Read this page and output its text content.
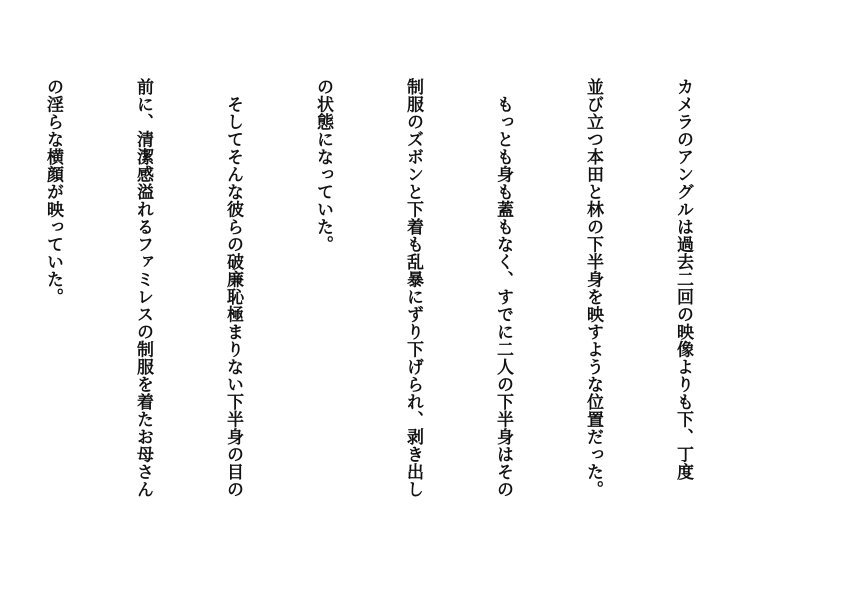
カメラのアングルは過去二回の映像よりも下、丁度

並び立つ本田と林の下半身を映すような位置だった。

　もっとも身も蓋もなく、すでに二人の下半身はその

制服のズボンと下着も乱暴にずり下げられ、剥き出し

の状態になっていた。

　そしてそんな彼らの破廉恥極まりない下半身の目の

前に、清潔感溢れるファミレスの制服を着たお母さん

の淫らな横顔が映っていた。
